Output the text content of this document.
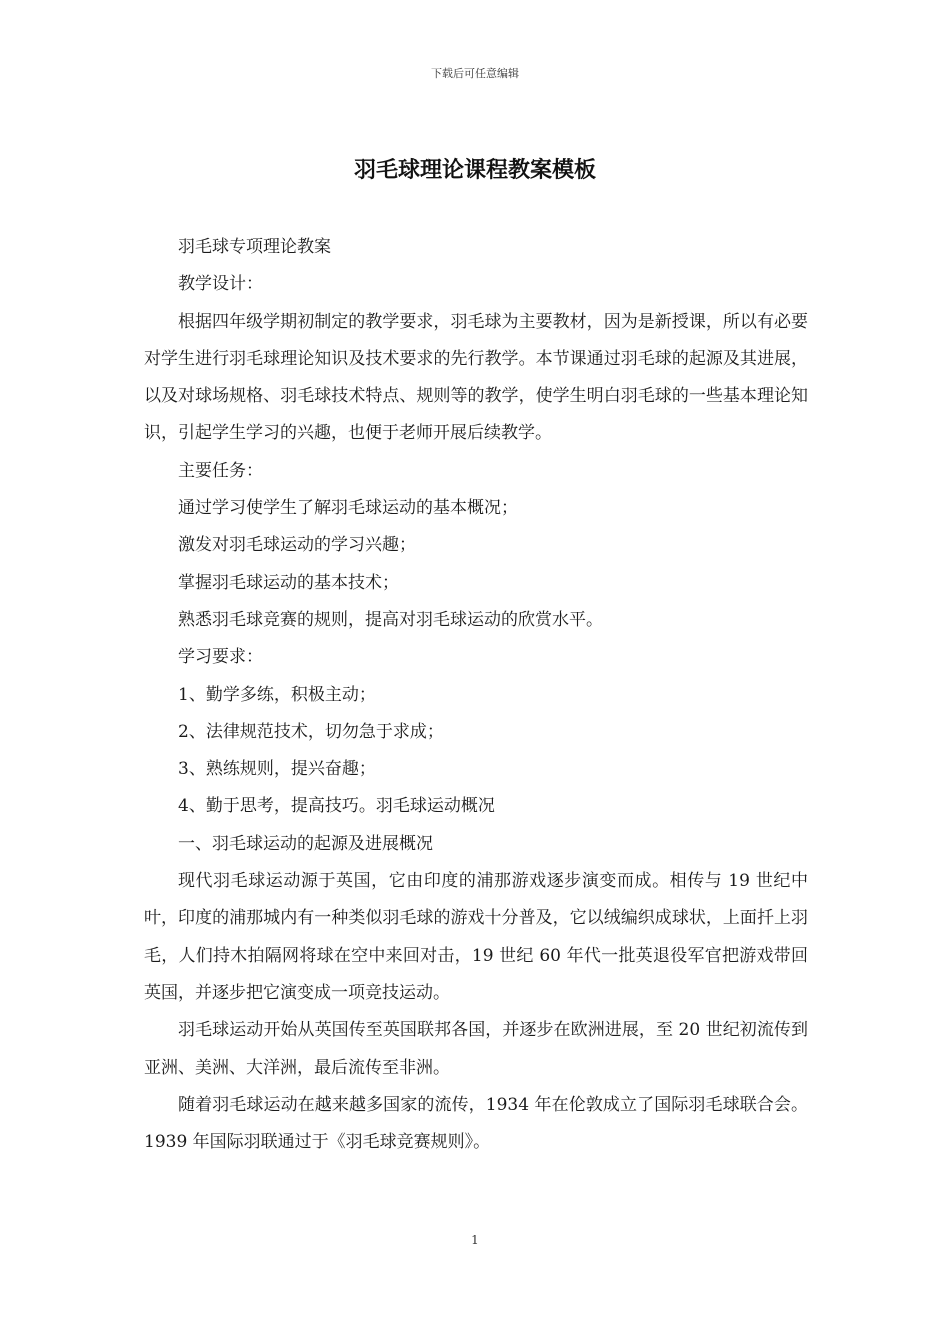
下载后可任意编辑
羽毛球理论课程教案模板

羽毛球专项理论教案

教学设计：

根据四年级学期初制定的教学要求，羽毛球为主要教材，因为是新授课，所以有必要对学生进行羽毛球理论知识及技术要求的先行教学。本节课通过羽毛球的起源及其进展，以及对球场规格、羽毛球技术特点、规则等的教学，使学生明白羽毛球的一些基本理论知识，引起学生学习的兴趣，也便于老师开展后续教学。

主要任务：

通过学习使学生了解羽毛球运动的基本概况；

激发对羽毛球运动的学习兴趣；

掌握羽毛球运动的基本技术；

熟悉羽毛球竞赛的规则，提高对羽毛球运动的欣赏水平。

学习要求：

1、勤学多练，积极主动；

2、法律规范技术，切勿急于求成；

3、熟练规则，提兴奋趣；

4、勤于思考，提高技巧。羽毛球运动概况

一、羽毛球运动的起源及进展概况

现代羽毛球运动源于英国，它由印度的浦那游戏逐步演变而成。相传与 19 世纪中叶，印度的浦那城内有一种类似羽毛球的游戏十分普及，它以绒编织成球状，上面扦上羽毛，人们持木拍隔网将球在空中来回对击，19 世纪 60 年代一批英退役军官把游戏带回英国，并逐步把它演变成一项竞技运动。

羽毛球运动开始从英国传至英国联邦各国，并逐步在欧洲进展，至 20 世纪初流传到亚洲、美洲、大洋洲，最后流传至非洲。

随着羽毛球运动在越来越多国家的流传，1934 年在伦敦成立了国际羽毛球联合会。1939 年国际羽联通过于《羽毛球竞赛规则》。

1
